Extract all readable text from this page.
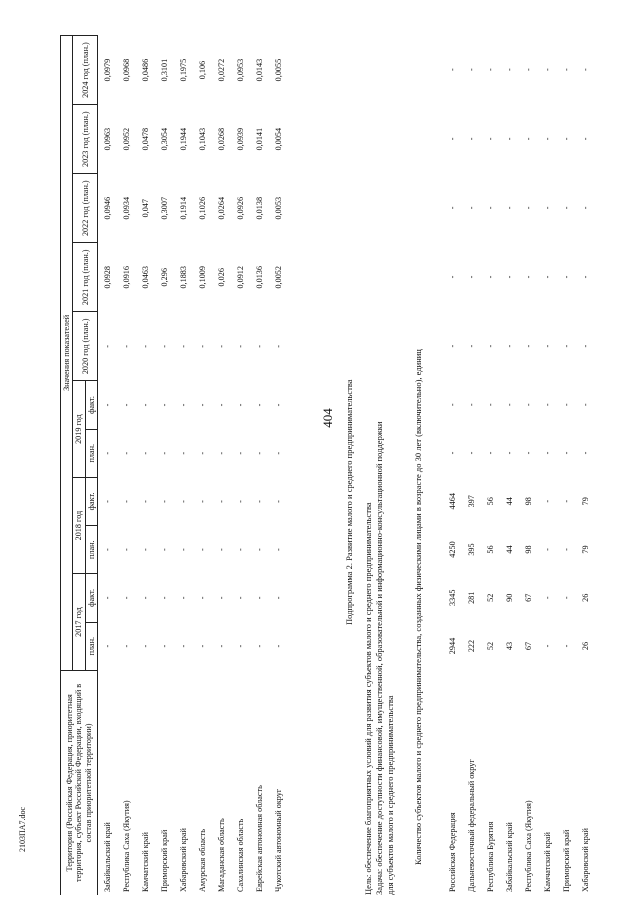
404
2103ПА7.doc	Территория (Российская Федерация, приоритетная территория, субъект Российской Федерации, входящий в состав приоритетной территории)	Значения показателей										
	2017 год		2018 год		2019 год		2020 год (план.)	2021 год (план.)	2022 год (план.)	2023 год (план.)	2024 год (план.)
	план.	факт.	план.	факт.	план.	факт.					
Забайкальский край	-	-	-	-	-	-	-	0,0928	0,0946	0,0963	0,0979
Республика Саха (Якутия)	-	-	-	-	-	-	-	0,0916	0,0934	0,0952	0,0968
Камчатский край	-	-	-	-	-	-	-	0,0463	0,047	0,0478	0,0486
Приморский край	-	-	-	-	-	-	-	0,296	0,3007	0,3054	0,3101
Хабаровский край	-	-	-	-	-	-	-	0,1883	0,1914	0,1944	0,1975
Амурская область	-	-	-	-	-	-	-	0,1009	0,1026	0,1043	0,106
Магаданская область	-	-	-	-	-	-	-	0,026	0,0264	0,0268	0,0272
Сахалинская область	-	-	-	-	-	-	-	0,0912	0,0926	0,0939	0,0953
Еврейская автономная область	-	-	-	-	-	-	-	0,0136	0,0138	0,0141	0,0143
Чукотский автономный округ	-	-	-	-	-	-	-	0,0052	0,0053	0,0054	0,0055
Подпрограмма 2. Развитие малого и среднего предпринимательства
Цель: обеспечение благоприятных условий для развития субъектов малого и среднего предпринимательства Задача: обеспечение доступности финансовой, имущественной, образовательной и информационно-консультационной поддержки для субъектов малого и среднего предпринимательства Количество субъектов малого и среднего предпринимательства, созданных физическими лицами в возрасте до 30 лет (включительно), единиц	Российская Федерация	2944	3345	4250	4464	-	-	-	-	-	-	-
Дальневосточный федеральный округ	222	281	395	397	-	-	-	-	-	-	-
Республика Бурятия	52	52	56	56	-	-	-	-	-	-	-
Забайкальский край	43	90	44	44	-	-	-	-	-	-	-
Республика Саха (Якутия)	67	67	98	98	-	-	-	-	-	-	-
Камчатский край	-	-	-	-	-	-	-	-	-	-	-
Приморский край	-	-	-	-	-	-	-	-	-	-	-
Хабаровский край	26	26	79	79	-	-	-	-	-	-	-
